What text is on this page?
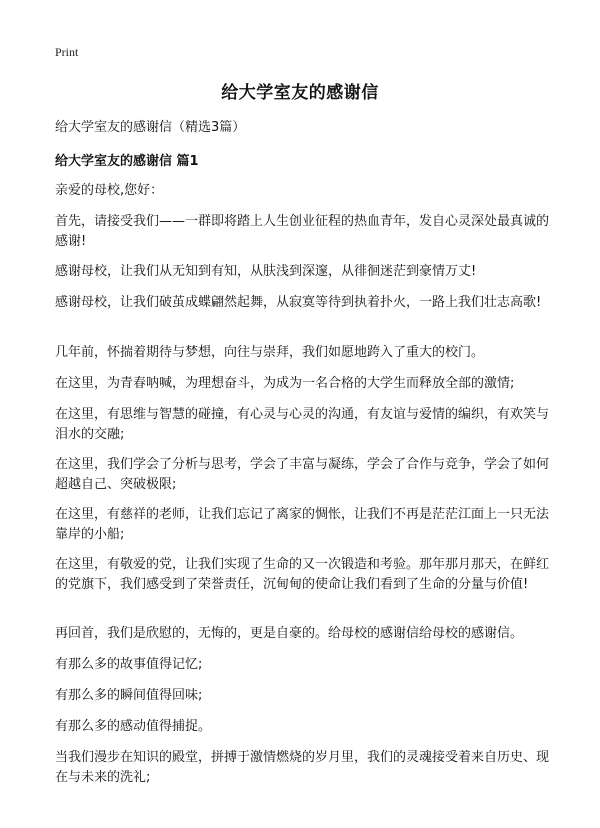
Print
给大学室友的感谢信

给大学室友的感谢信（精选3篇）

给大学室友的感谢信 篇1

亲爱的母校,您好：

首先，请接受我们——一群即将踏上人生创业征程的热血青年，发自心灵深处最真诚的感谢!

感谢母校，让我们从无知到有知，从肤浅到深邃，从徘徊迷茫到豪情万丈!

感谢母校，让我们破茧成蝶翩然起舞，从寂寞等待到执着扑火，一路上我们壮志高歌!

几年前，怀揣着期待与梦想，向往与崇拜，我们如愿地跨入了重大的校门。

在这里，为青春呐喊，为理想奋斗，为成为一名合格的大学生而释放全部的激情;

在这里，有思维与智慧的碰撞，有心灵与心灵的沟通，有友谊与爱情的编织，有欢笑与泪水的交融;

在这里，我们学会了分析与思考，学会了丰富与凝练，学会了合作与竞争，学会了如何超越自己、突破极限;

在这里，有慈祥的老师，让我们忘记了离家的惆怅，让我们不再是茫茫江面上一只无法靠岸的小船;

在这里，有敬爱的党，让我们实现了生命的又一次锻造和考验。那年那月那天，在鲜红的党旗下，我们感受到了荣誉责任，沉甸甸的使命让我们看到了生命的分量与价值!

再回首，我们是欣慰的，无悔的，更是自豪的。给母校的感谢信给母校的感谢信。

有那么多的故事值得记忆;

有那么多的瞬间值得回味;

有那么多的感动值得捕捉。

当我们漫步在知识的殿堂，拼搏于激情燃烧的岁月里，我们的灵魂接受着来自历史、现在与未来的洗礼;
